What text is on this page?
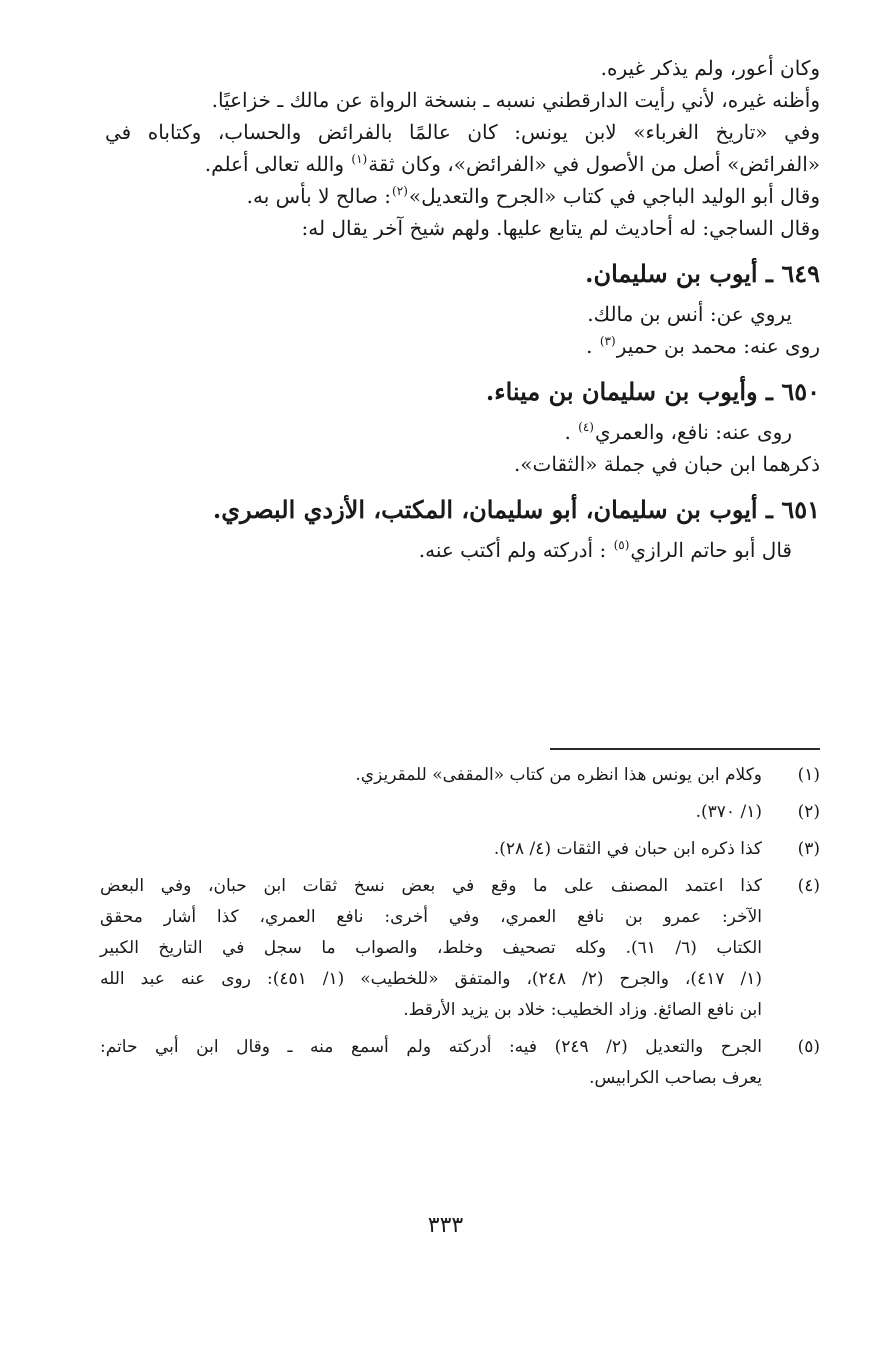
وكان أعور، ولم يذكر غيره.

وأظنه غيره، لأني رأيت الدارقطني نسبه ـ بنسخة الرواة عن مالك ـ خزاعيًا.

وفي «تاريخ الغرباء» لابن يونس: كان عالمًا بالفرائض والحساب، وكتاباه في

«الفرائض» أصل من الأصول في «الفرائض»، وكان ثقة$^{(١)}$ والله تعالى أعلم.

وقال أبو الوليد الباجي في كتاب «الجرح والتعديل»$^{(٢)}$: صالح لا بأس به.

وقال الساجي: له أحاديث لم يتابع عليها. ولهم شيخ آخر يقال له:

٦٤٩ ـ أيوب بن سليمان.

يروي عن: أنس بن مالك.

روى عنه: محمد بن حمير$^{(٣)}$ .

٦٥٠ ـ وأيوب بن سليمان بن ميناء.

روى عنه: نافع، والعمري$^{(٤)}$ .

ذكرهما ابن حبان في جملة «الثقات».

٦٥١ ـ أيوب بن سليمان، أبو سليمان، المكتب، الأزدي البصري.

قال أبو حاتم الرازي$^{(٥)}$ : أدركته ولم أكتب عنه.

(١)

وكلام ابن يونس هذا انظره من كتاب «المقفى» للمقريزي.

(٢)

(١/ ٣٧٠).

(٣)

كذا ذكره ابن حبان في الثقات (٤/ ٢٨).

(٤)

كذا اعتمد المصنف على ما وقع في بعض نسخ ثقات ابن حبان، وفي البعض

الآخر: عمرو بن نافع العمري، وفي أخرى: نافع العمري، كذا أشار محقق

الكتاب (٦/ ٦١). وكله تصحيف وخلط، والصواب ما سجل في التاريخ الكبير

(١/ ٤١٧)، والجرح (٢/ ٢٤٨)، والمتفق «للخطيب» (١/ ٤٥١): روى عنه عبد الله

ابن نافع الصائغ. وزاد الخطيب: خلاد بن يزيد الأرقط.

(٥)

الجرح والتعديل (٢/ ٢٤٩) فيه: أدركته ولم أسمع منه ـ وقال ابن أبي حاتم:

يعرف بصاحب الكرابيس.

٣٣٣
